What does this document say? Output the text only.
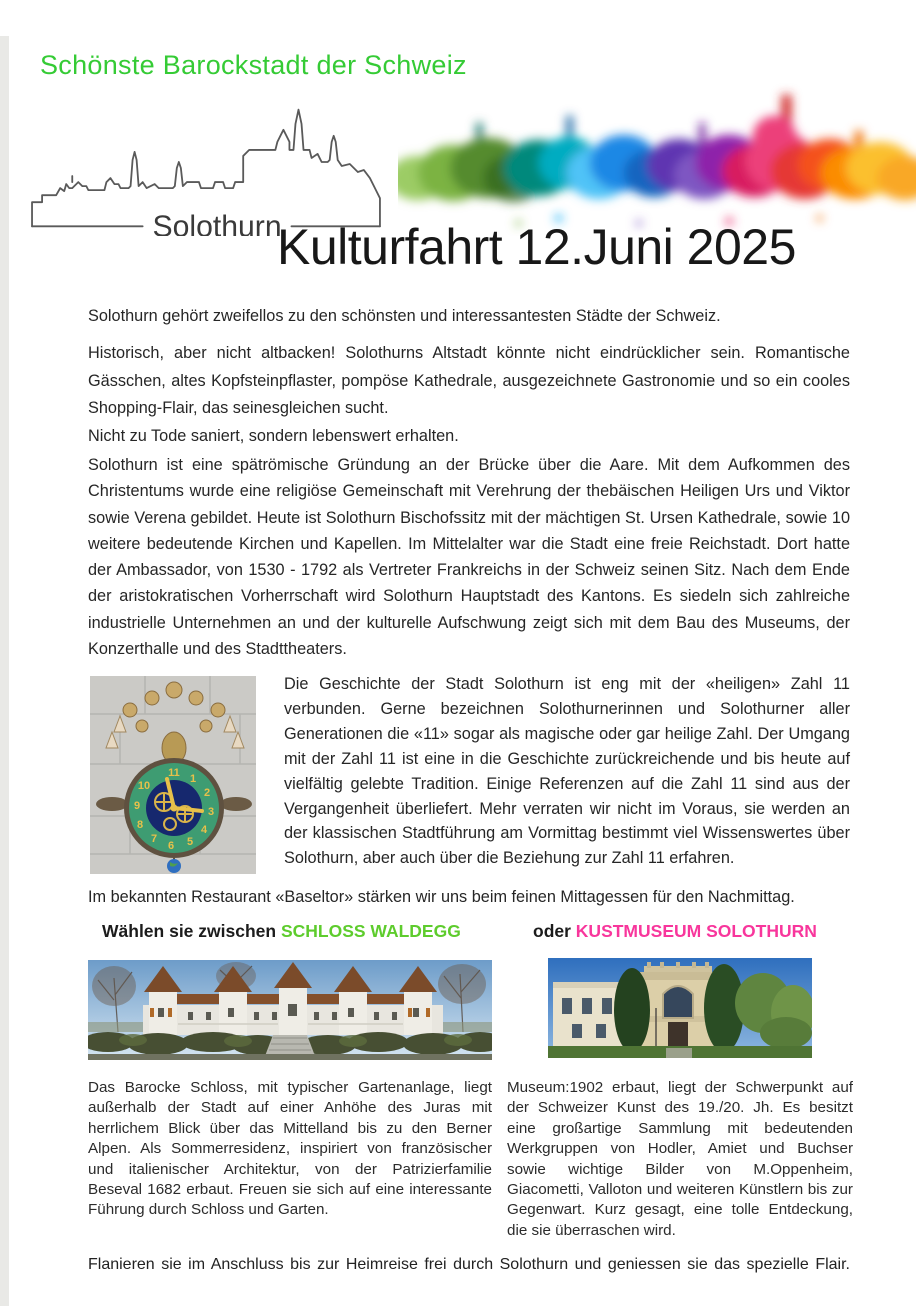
Schönste Barockstadt der Schweiz
Solothurn
Kulturfahrt 12.Juni 2025

Solothurn gehört zweifellos zu den schönsten und interessantesten Städte der Schweiz.

Historisch, aber nicht altbacken! Solothurns Altstadt könnte nicht eindrücklicher sein. Romantische Gässchen, altes Kopfsteinpflaster, pompöse Kathedrale, ausgezeichnete Gastronomie und so ein cooles Shopping-Flair, das seinesgleichen sucht.
Nicht zu Tode saniert, sondern lebenswert erhalten.

Solothurn ist eine spätrömische Gründung an der Brücke über die Aare. Mit dem Aufkommen des Christentums wurde eine religiöse Gemeinschaft mit Verehrung der thebäischen Heiligen Urs und Viktor sowie Verena gebildet. Heute ist Solothurn Bischofssitz mit der mächtigen St. Ursen Kathedrale, sowie 10 weitere bedeutende Kirchen und Kapellen. Im Mittelalter war die Stadt eine freie Reichstadt. Dort hatte der Ambassador, von 1530 - 1792 als Vertreter Frankreichs in der Schweiz seinen Sitz. Nach dem Ende der aristokratischen Vorherrschaft wird Solothurn Hauptstadt des Kantons. Es siedeln sich zahlreiche industrielle Unternehmen an und der kulturelle Aufschwung zeigt sich mit dem Bau des Museums, der Konzerthalle und des Stadttheaters.

11 1
2
3
4
5
6
7
8
9
10

Die Geschichte der Stadt Solothurn ist eng mit der «heiligen» Zahl 11 verbunden. Gerne bezeichnen Solothurnerinnen und Solothurner aller Generationen die «11» sogar als magische oder gar heilige Zahl. Der Umgang mit der Zahl 11 ist eine in die Geschichte zurückreichende und bis heute auf vielfältig gelebte Tradition. Einige Referenzen auf die Zahl 11 sind aus der Vergangenheit überliefert. Mehr verraten wir nicht im Voraus, sie werden an der klassischen Stadtführung am Vormittag bestimmt viel Wissenswertes über Solothurn, aber auch über die Beziehung zur Zahl 11 erfahren.

Im bekannten Restaurant «Baseltor» stärken wir uns beim feinen Mittagessen für den Nachmittag.

Wählen sie zwischen SCHLOSS WALDEGG	oder KUSTMUSEUM SOLOTHURN

Das Barocke Schloss, mit typischer Gartenanlage, liegt außerhalb der Stadt auf einer Anhöhe des Juras mit herrlichem Blick über das Mittelland bis zu den Berner Alpen. Als Sommerresidenz, inspiriert von französischer und italienischer Architektur, von der Patrizierfamilie Beseval 1682 erbaut. Freuen sie sich auf eine interessante Führung durch Schloss und Garten.

Museum:1902 erbaut, liegt der Schwerpunkt auf der Schweizer Kunst des 19./20. Jh. Es besitzt eine großartige Sammlung mit bedeutenden Werkgruppen von Hodler, Amiet und Buchser sowie wichtige Bilder von M.Oppenheim, Giacometti, Valloton und weiteren Künstlern bis zur Gegenwart. Kurz gesagt, eine tolle Entdeckung, die sie überraschen wird.

Flanieren sie im Anschluss bis zur Heimreise frei durch Solothurn und geniessen sie das spezielle Flair.
